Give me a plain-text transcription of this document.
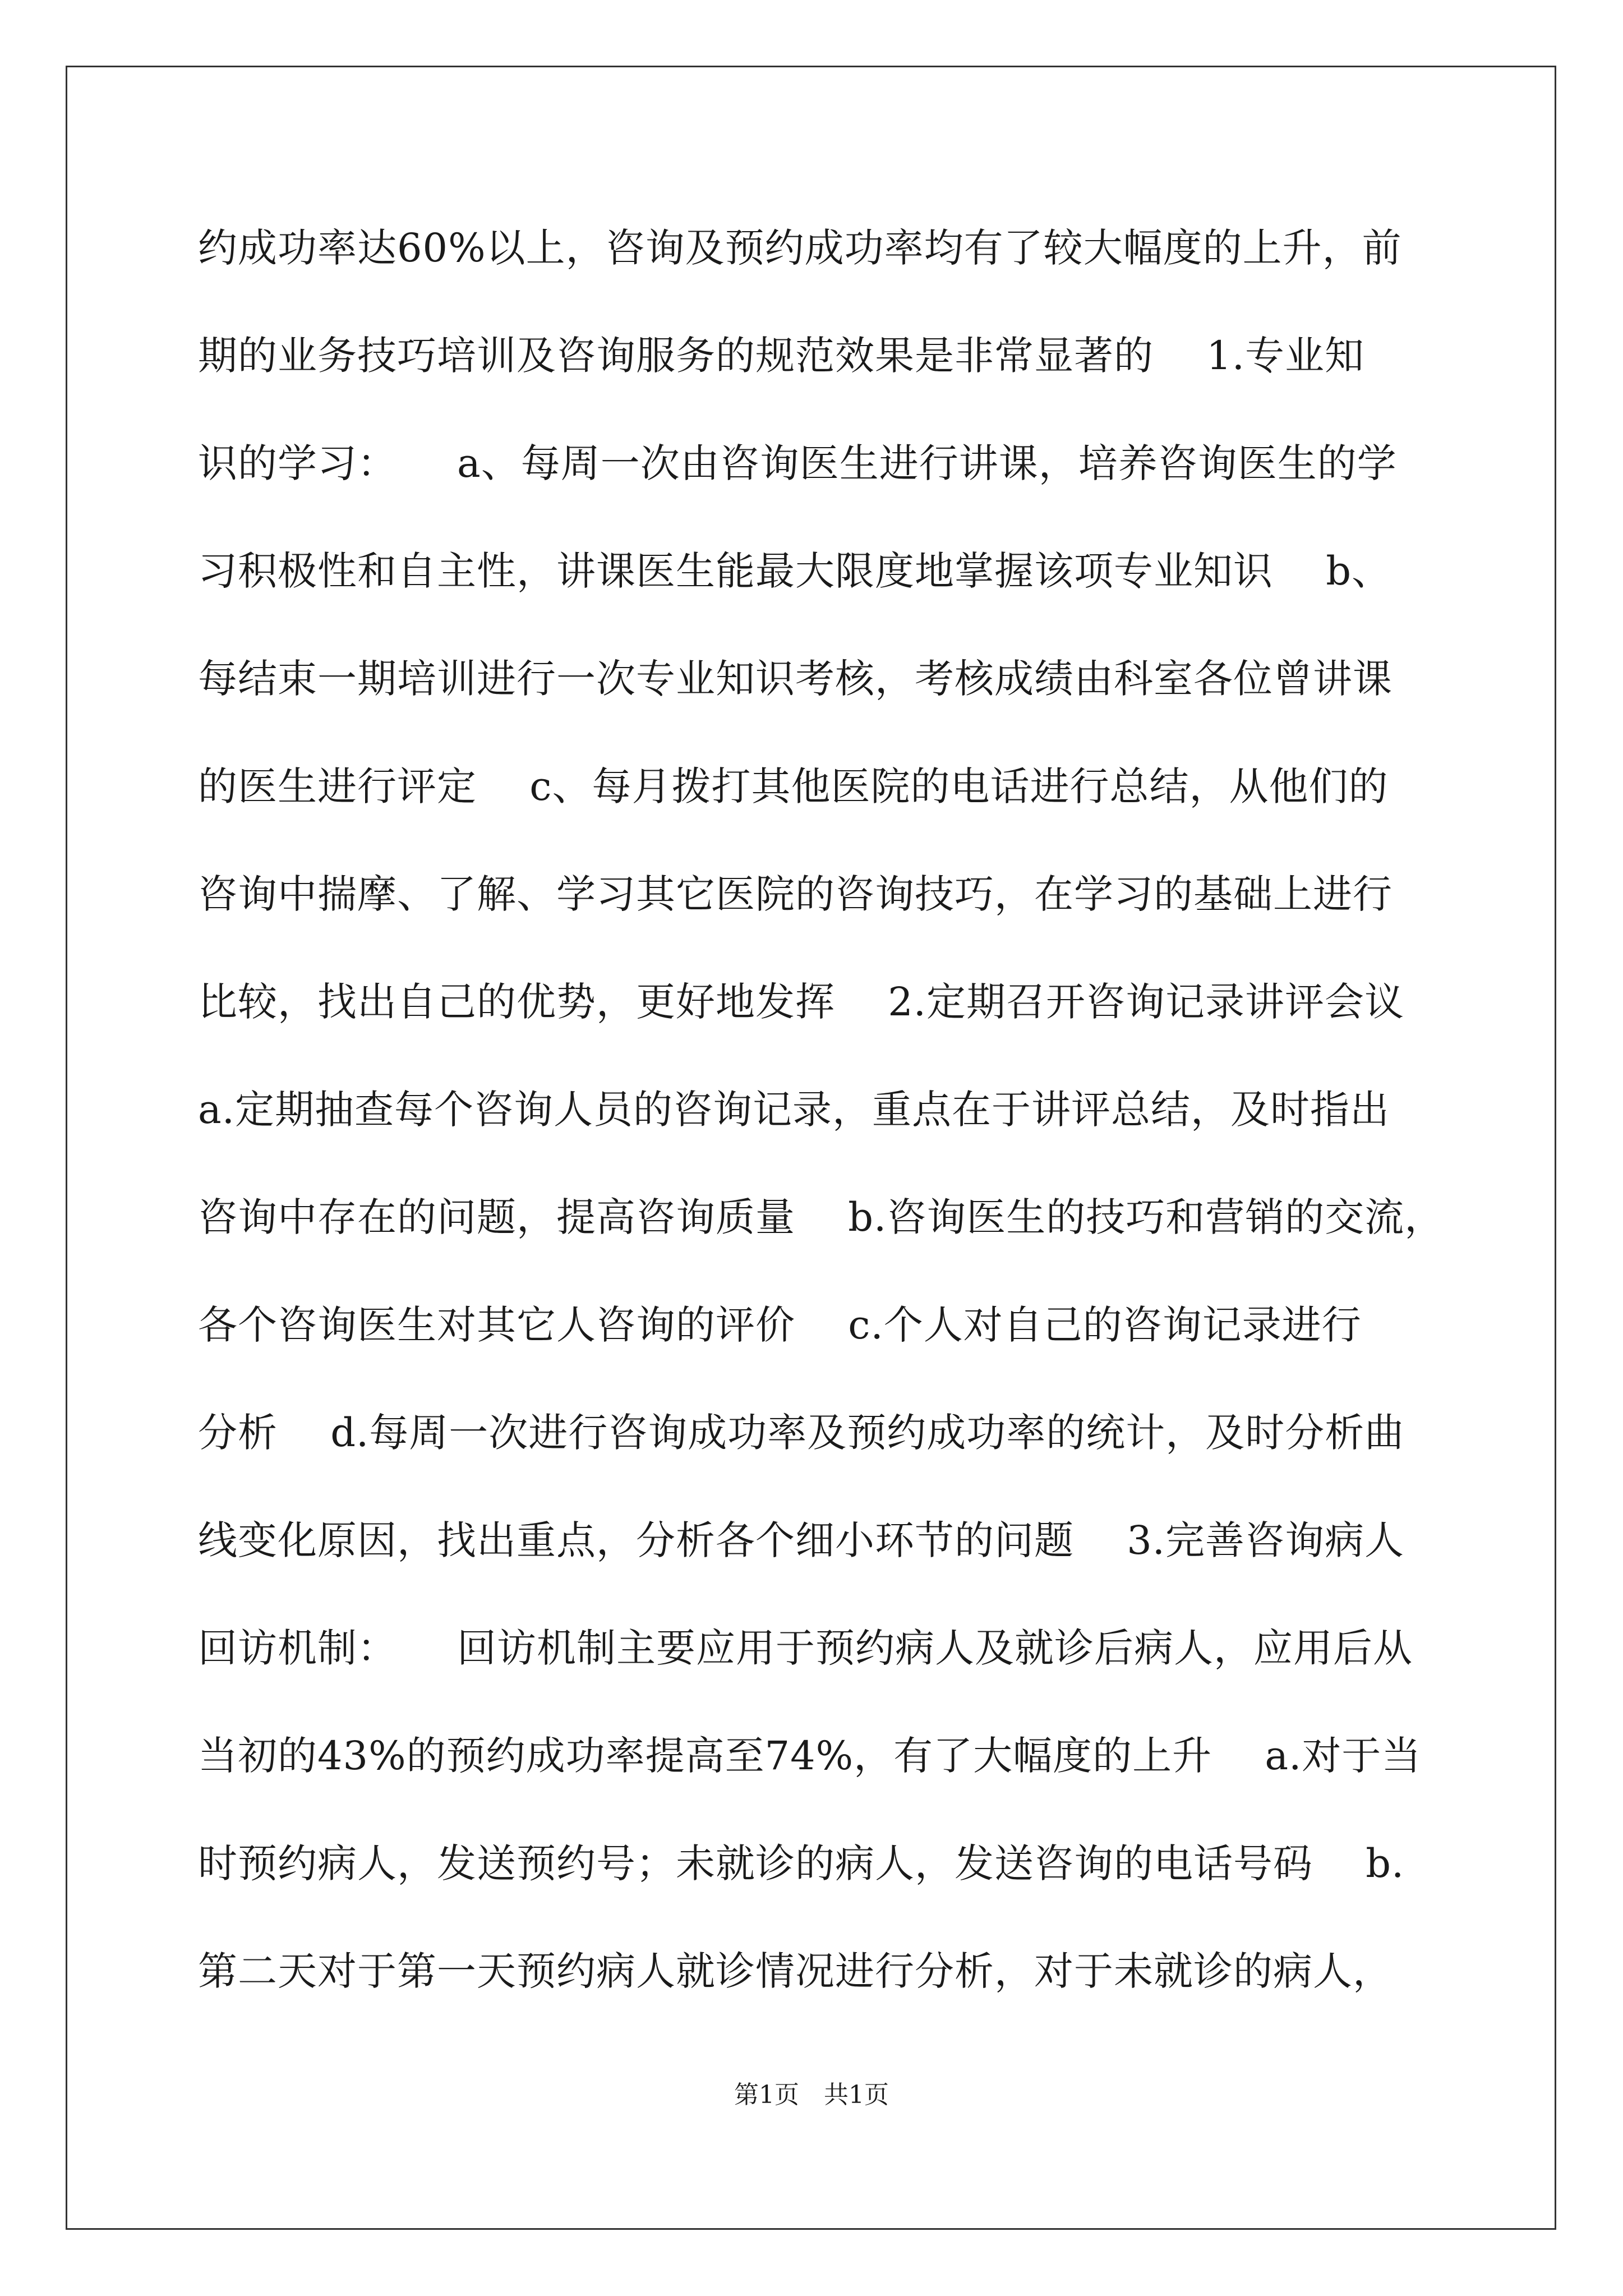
约成功率达60%以上，咨询及预约成功率均有了较大幅度的上升，前
期的业务技巧培训及咨询服务的规范效果是非常显著的　 1.专业知
识的学习：　　a、每周一次由咨询医生进行讲课，培养咨询医生的学
习积极性和自主性，讲课医生能最大限度地掌握该项专业知识　 b、
每结束一期培训进行一次专业知识考核，考核成绩由科室各位曾讲课
的医生进行评定　 c、每月拨打其他医院的电话进行总结，从他们的
咨询中揣摩、了解、学习其它医院的咨询技巧，在学习的基础上进行
比较，找出自己的优势，更好地发挥　 2.定期召开咨询记录讲评会议
a.定期抽查每个咨询人员的咨询记录，重点在于讲评总结，及时指出
咨询中存在的问题，提高咨询质量　 b.咨询医生的技巧和营销的交流，
各个咨询医生对其它人咨询的评价　 c.个人对自己的咨询记录进行
分析　 d.每周一次进行咨询成功率及预约成功率的统计，及时分析曲
线变化原因，找出重点，分析各个细小环节的问题　 3.完善咨询病人
回访机制：　　回访机制主要应用于预约病人及就诊后病人，应用后从
当初的43%的预约成功率提高至74%，有了大幅度的上升　 a.对于当
时预约病人，发送预约号；未就诊的病人，发送咨询的电话号码　 b.
第二天对于第一天预约病人就诊情况进行分析，对于未就诊的病人，
第1页　共1页
